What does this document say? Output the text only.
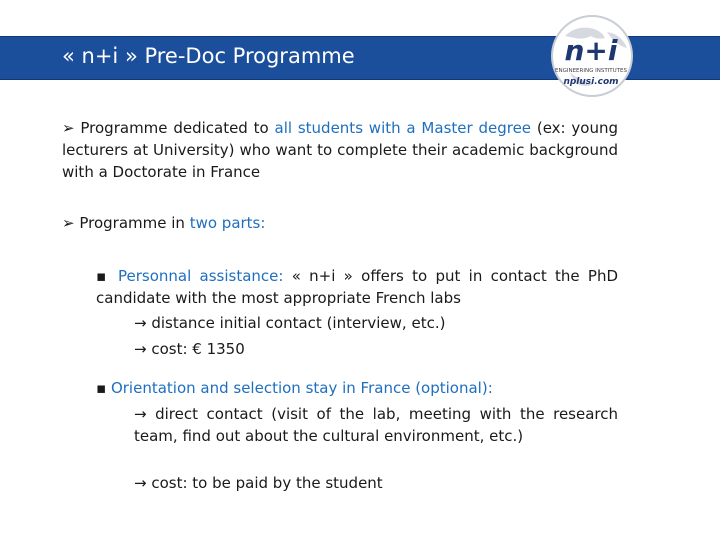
« n+i » Pre-Doc Programme	n+i
ENGINEERING INSTITUTES
nplusi.com
➢ Programme dedicated to all students with a Master degree (ex: young lecturers at University) who want to complete their academic background with a Doctorate in France
➢ Programme in two parts:
▪ Personnal assistance: « n+i » offers to put in contact the PhD candidate with the most appropriate French labs
→ distance initial contact (interview, etc.)
→ cost: € 1350
▪ Orientation and selection stay in France (optional):
→ direct contact (visit of the lab, meeting with the research team, find out about the cultural environment, etc.)
→ cost: to be paid by the student
